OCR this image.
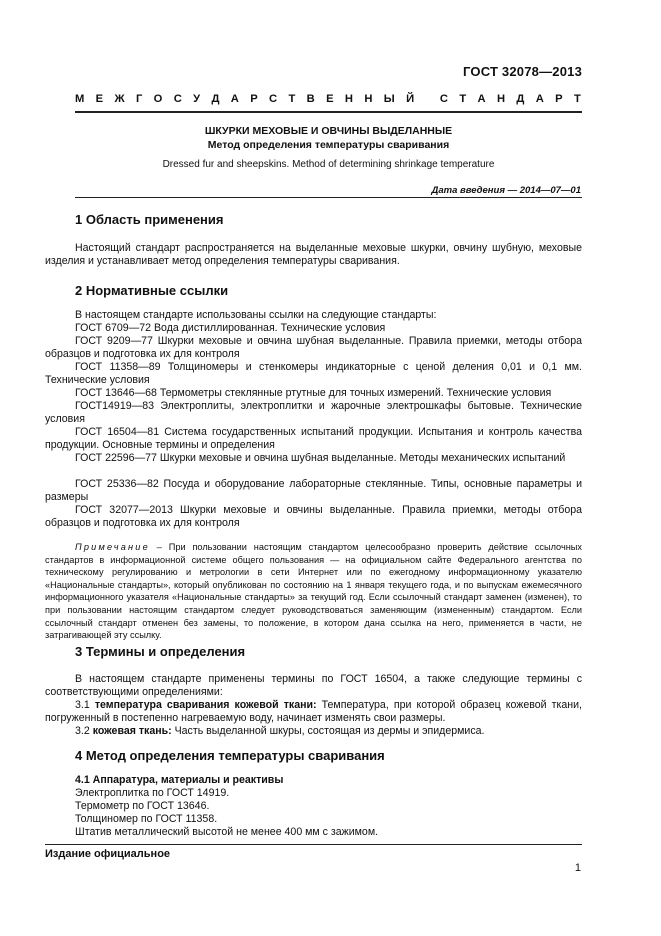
ГОСТ 32078—2013
М Е Ж Г О С У Д А Р С Т В Е Н Н Ы Й
С Т А Н Д А Р Т
ШКУРКИ МЕХОВЫЕ И ОВЧИНЫ ВЫДЕЛАННЫЕ
Метод определения температуры сваривания
Dressed fur and sheepskins. Method of determining shrinkage temperature
Дата введения — 2014—07—01
1 Область применения
Настоящий стандарт распространяется на выделанные меховые шкурки, овчину шубную, меховые изделия и устанавливает метод определения температуры сваривания.
2 Нормативные ссылки
В настоящем стандарте использованы ссылки на следующие стандарты:
ГОСТ 6709—72 Вода дистиллированная. Технические условия
ГОСТ 9209—77 Шкурки меховые и овчина шубная выделанные. Правила приемки, методы отбора образцов и подготовка их для контроля
ГОСТ 11358—89 Толщиномеры и стенкомеры индикаторные с ценой деления 0,01 и 0,1 мм. Технические условия
ГОСТ 13646—68 Термометры стеклянные ртутные для точных измерений. Технические условия
ГОСТ14919—83 Электроплиты, электроплитки и жарочные электрошкафы бытовые. Технические условия
ГОСТ 16504—81 Система государственных испытаний продукции. Испытания и контроль качества продукции. Основные термины и определения
ГОСТ 22596—77 Шкурки меховые и овчина шубная выделанные. Методы механических испытаний
ГОСТ 25336—82 Посуда и оборудование лабораторные стеклянные. Типы, основные параметры и размеры
ГОСТ 32077—2013 Шкурки меховые и овчины выделанные. Правила приемки, методы отбора образцов и подготовка их для контроля
Примечание – При пользовании настоящим стандартом целесообразно проверить действие ссылочных стандартов в информационной системе общего пользования — на официальном сайте Федерального агентства по техническому регулированию и метрологии в сети Интернет или по ежегодному информационному указателю «Национальные стандарты», который опубликован по состоянию на 1 января текущего года, и по выпускам ежемесячного информационного указателя «Национальные стандарты» за текущий год. Если ссылочный стандарт заменен (изменен), то при пользовании настоящим стандартом следует руководствоваться заменяющим (измененным) стандартом. Если ссылочный стандарт отменен без замены, то положение, в котором дана ссылка на него, применяется в части, не затрагивающей эту ссылку.
3 Термины и определения
В настоящем стандарте применены термины по ГОСТ 16504, а также следующие термины с соответствующими определениями:
3.1 температура сваривания кожевой ткани: Температура, при которой образец кожевой ткани, погруженный в постепенно нагреваемую воду, начинает изменять свои размеры.
3.2 кожевая ткань: Часть выделанной шкуры, состоящая из дермы и эпидермиса.
4 Метод определения температуры сваривания
4.1 Аппаратура, материалы и реактивы
Электроплитка по ГОСТ 14919.
Термометр по ГОСТ 13646.
Толщиномер по ГОСТ 11358.
Штатив металлический высотой не менее 400 мм с зажимом.
Издание официальное
1
